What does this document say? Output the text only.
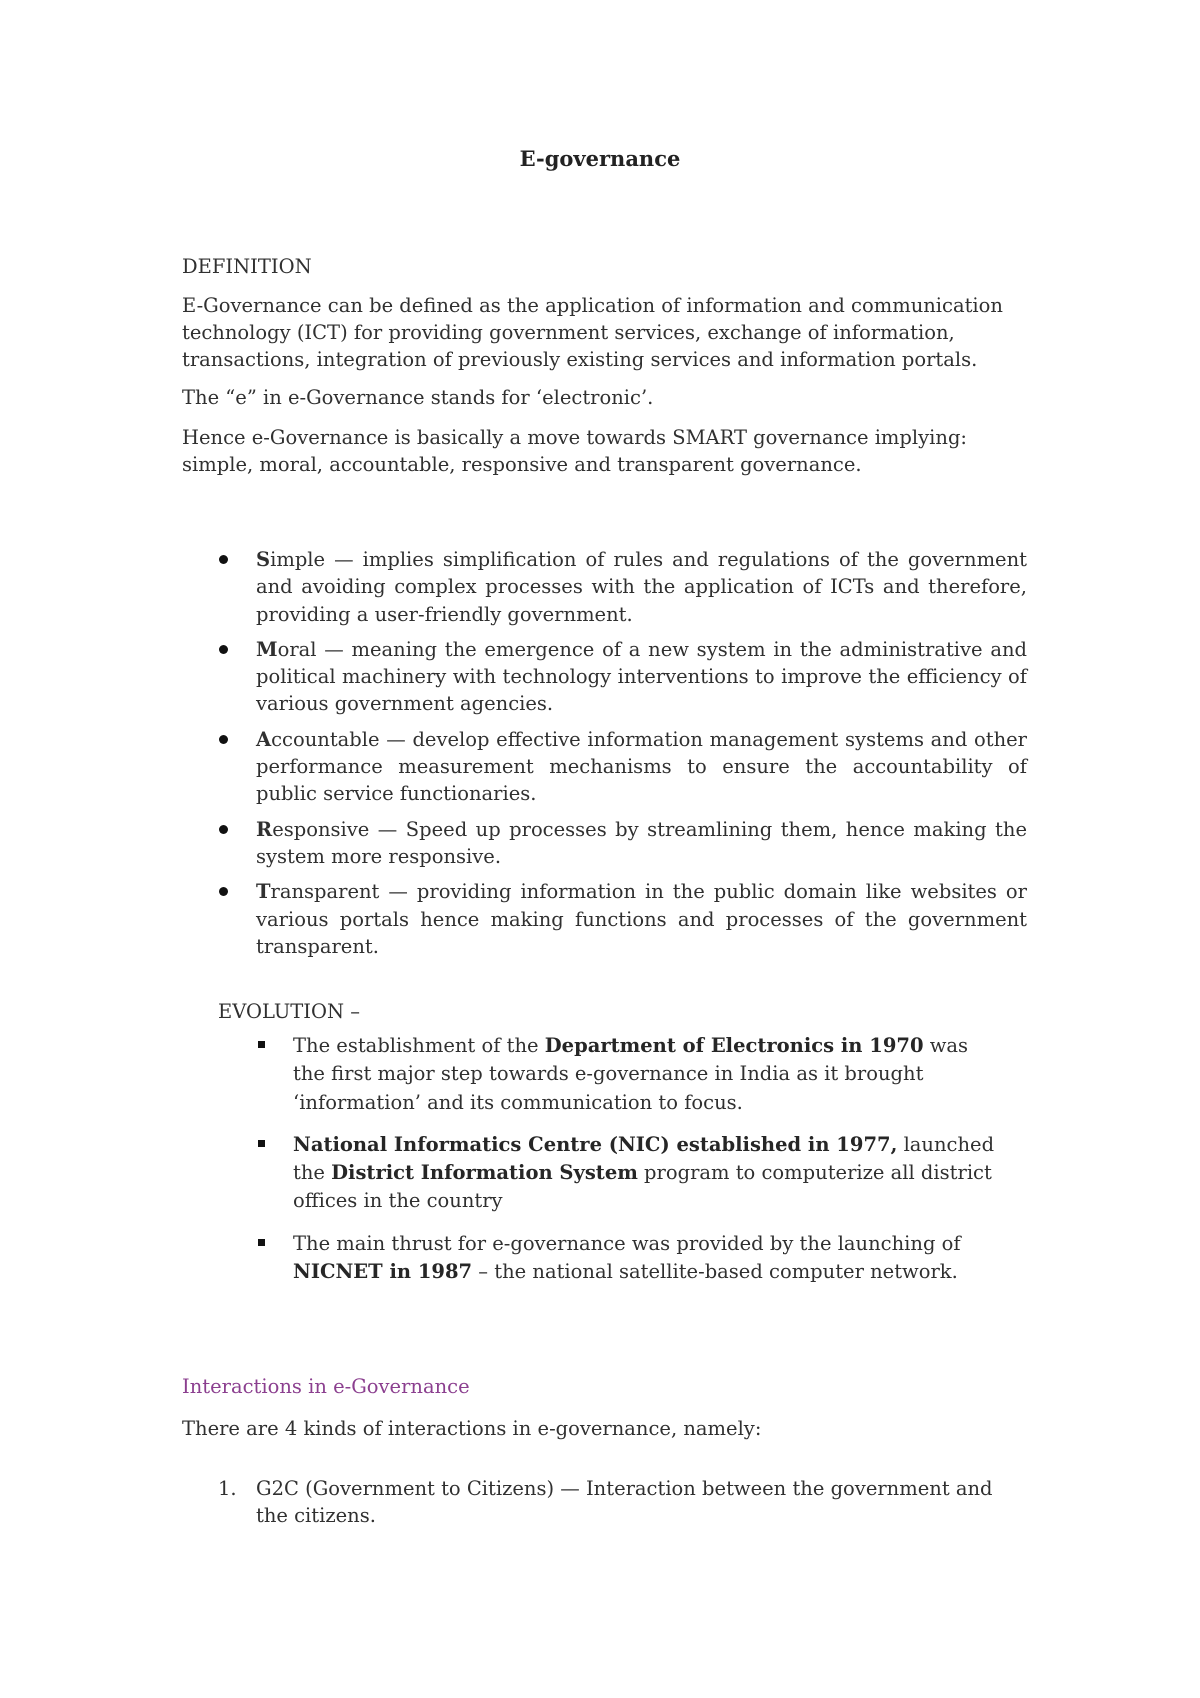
E-governance
DEFINITION
E-Governance can be defined as the application of information and communication technology (ICT) for providing government services, exchange of information, transactions, integration of previously existing services and information portals.
The “e” in e-Governance stands for ‘electronic’.
Hence e-Governance is basically a move towards SMART governance implying: simple, moral, accountable, responsive and transparent governance.
Simple — implies simplification of rules and regulations of the government and avoiding complex processes with the application of ICTs and therefore, providing a user-friendly government.
Moral — meaning the emergence of a new system in the administrative and political machinery with technology interventions to improve the efficiency of various government agencies.
Accountable — develop effective information management systems and other performance measurement mechanisms to ensure the accountability of public service functionaries.
Responsive — Speed up processes by streamlining them, hence making the system more responsive.
Transparent — providing information in the public domain like websites or various portals hence making functions and processes of the government transparent.
EVOLUTION –
The establishment of the Department of Electronics in 1970 was the first major step towards e-governance in India as it brought ‘information’ and its communication to focus.
National Informatics Centre (NIC) established in 1977, launched the District Information System program to computerize all district offices in the country
The main thrust for e-governance was provided by the launching of NICNET in 1987 – the national satellite-based computer network.
Interactions in e-Governance
There are 4 kinds of interactions in e-governance, namely:
1. G2C (Government to Citizens) — Interaction between the government and the citizens.
